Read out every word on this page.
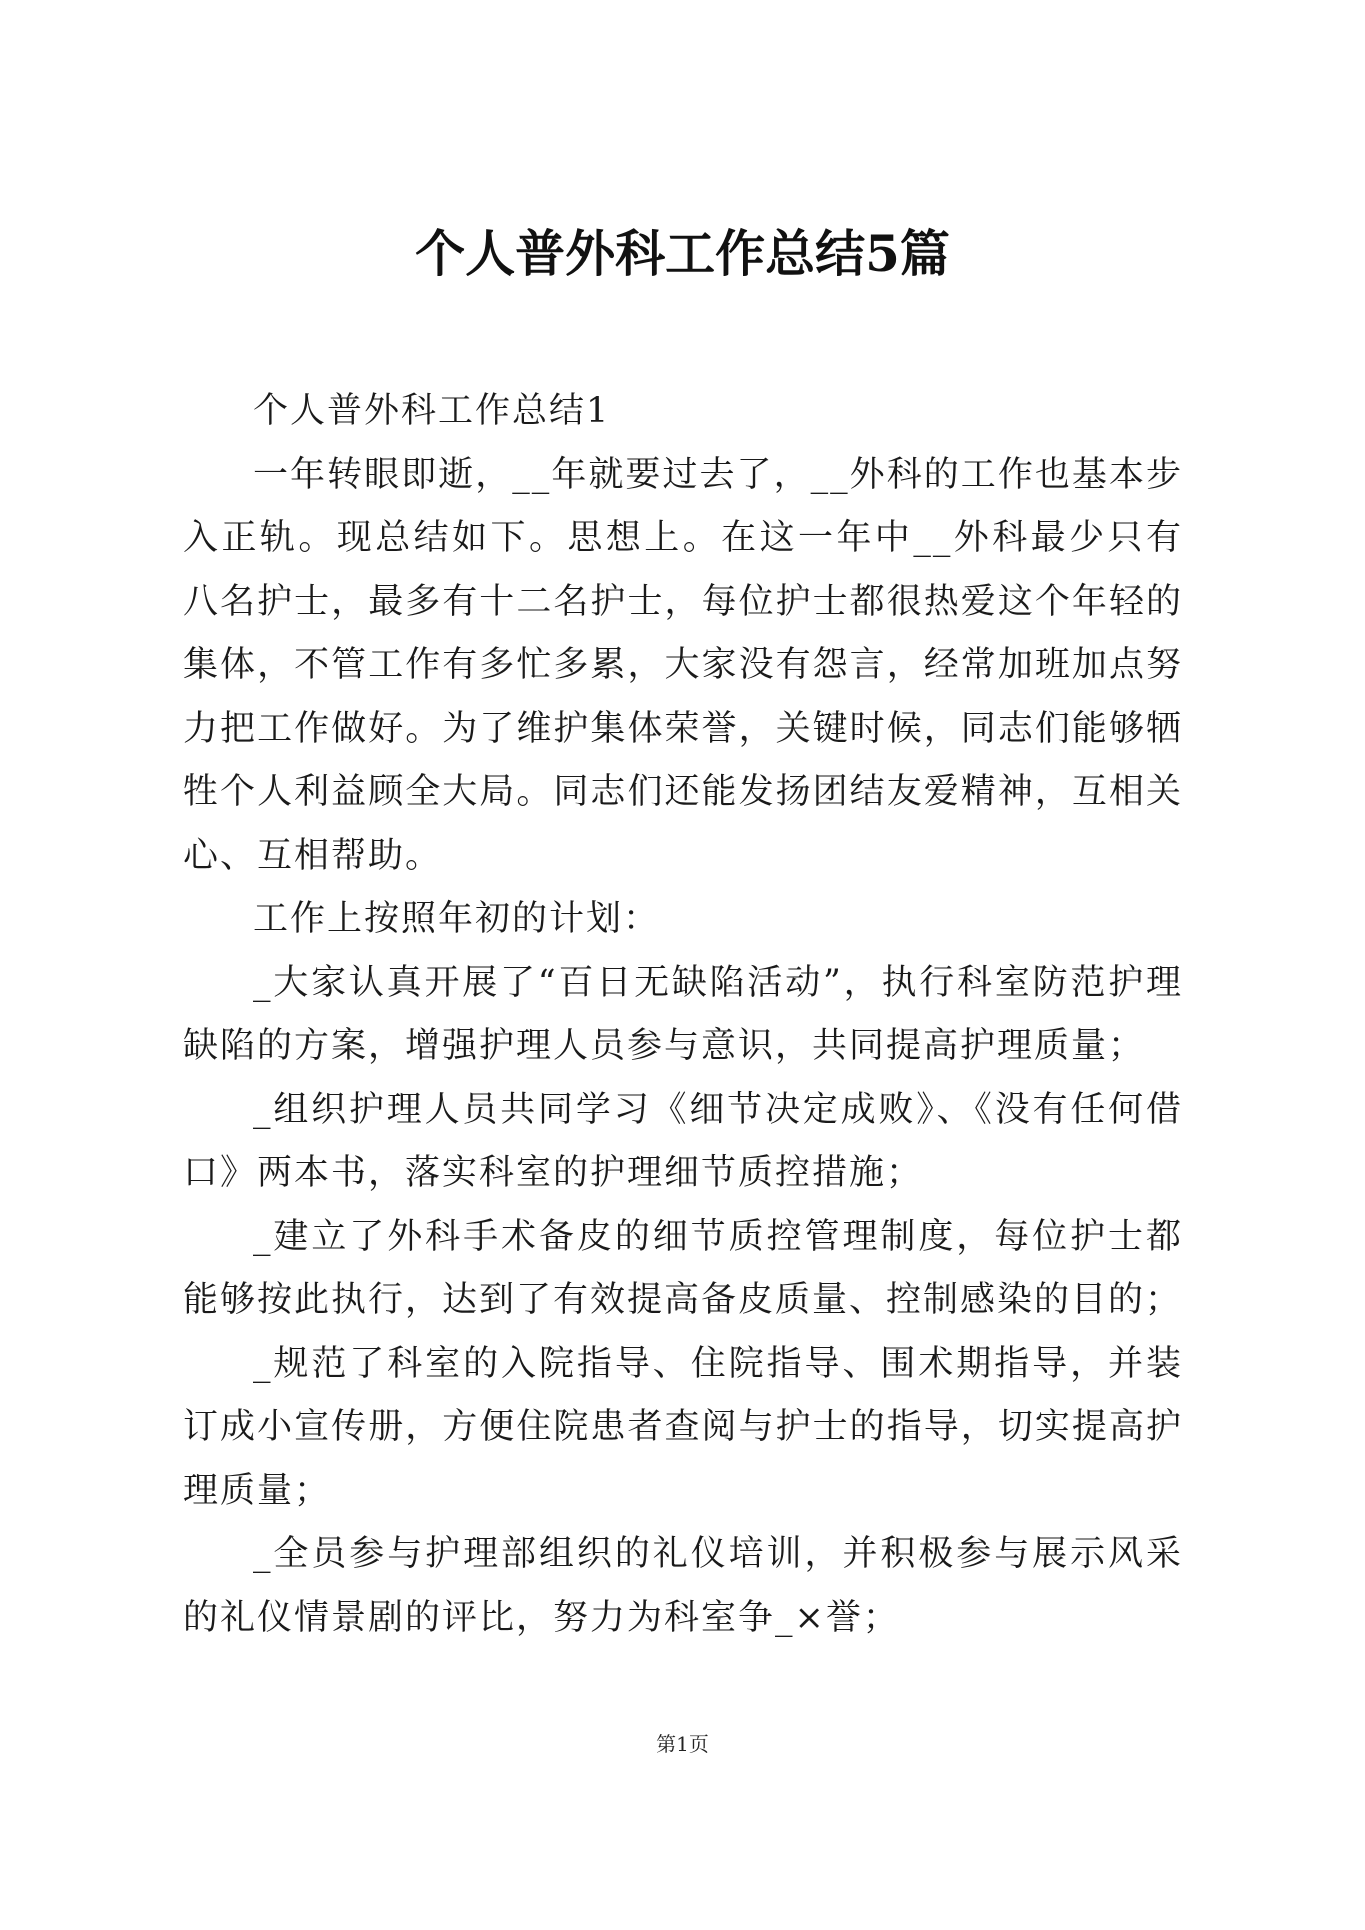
个人普外科工作总结5篇

个人普外科工作总结1

一年转眼即逝，__年就要过去了，__外科的工作也基本步入正轨。现总结如下。思想上。在这一年中__外科最少只有八名护士，最多有十二名护士，每位护士都很热爱这个年轻的集体，不管工作有多忙多累，大家没有怨言，经常加班加点努力把工作做好。为了维护集体荣誉，关键时候，同志们能够牺牲个人利益顾全大局。同志们还能发扬团结友爱精神，互相关心、互相帮助。

工作上按照年初的计划：

_大家认真开展了“百日无缺陷活动”，执行科室防范护理缺陷的方案，增强护理人员参与意识，共同提高护理质量；

_组织护理人员共同学习《细节决定成败》、《没有任何借口》两本书，落实科室的护理细节质控措施；

_建立了外科手术备皮的细节质控管理制度，每位护士都能够按此执行，达到了有效提高备皮质量、控制感染的目的；

_规范了科室的入院指导、住院指导、围术期指导，并装订成小宣传册，方便住院患者查阅与护士的指导，切实提高护理质量；

_全员参与护理部组织的礼仪培训，并积极参与展示风采的礼仪情景剧的评比，努力为科室争_×誉；

第1页
